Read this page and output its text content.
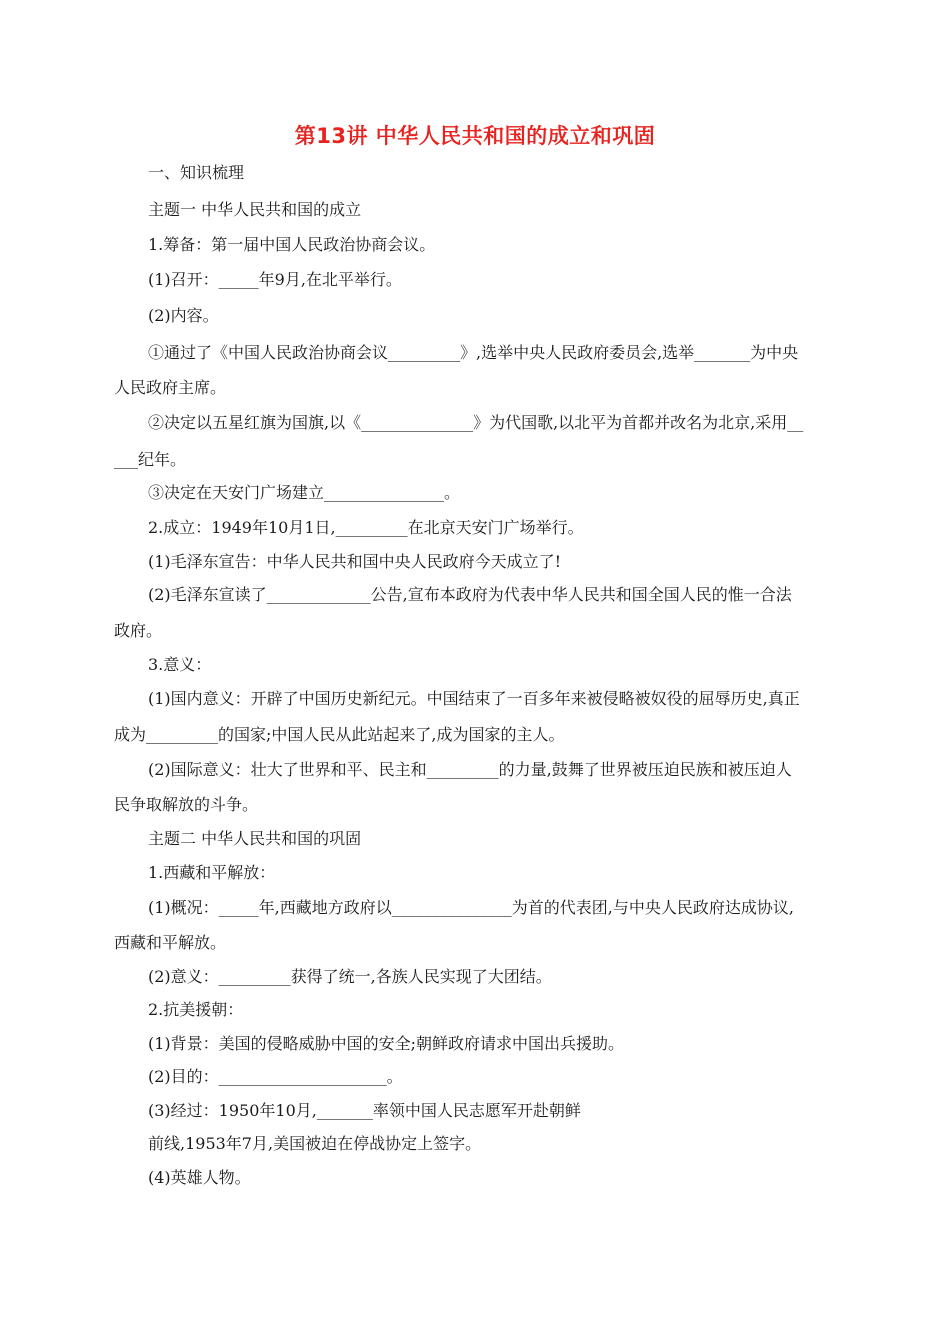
第13讲 中华人民共和国的成立和巩固
一、知识梳理
主题一 中华人民共和国的成立
1.筹备：第一届中国人民政治协商会议。
(1)召开：_____年9月,在北平举行。
(2)内容。
①通过了《中国人民政治协商会议_________》,选举中央人民政府委员会,选举_______为中央
人民政府主席。
②决定以五星红旗为国旗,以《______________》为代国歌,以北平为首都并改名为北京,采用__
___纪年。
③决定在天安门广场建立_______________。
2.成立：1949年10月1日,_________在北京天安门广场举行。
(1)毛泽东宣告：中华人民共和国中央人民政府今天成立了!
(2)毛泽东宣读了_____________公告,宣布本政府为代表中华人民共和国全国人民的惟一合法
政府。
3.意义：
(1)国内意义：开辟了中国历史新纪元。中国结束了一百多年来被侵略被奴役的屈辱历史,真正
成为_________的国家;中国人民从此站起来了,成为国家的主人。
(2)国际意义：壮大了世界和平、民主和_________的力量,鼓舞了世界被压迫民族和被压迫人
民争取解放的斗争。
主题二 中华人民共和国的巩固
1.西藏和平解放：
(1)概况：_____年,西藏地方政府以_______________为首的代表团,与中央人民政府达成协议,
西藏和平解放。
(2)意义：_________获得了统一,各族人民实现了大团结。
2.抗美援朝：
(1)背景：美国的侵略威胁中国的安全;朝鲜政府请求中国出兵援助。
(2)目的：_____________________。
(3)经过：1950年10月,_______率领中国人民志愿军开赴朝鲜
前线,1953年7月,美国被迫在停战协定上签字。
(4)英雄人物。
